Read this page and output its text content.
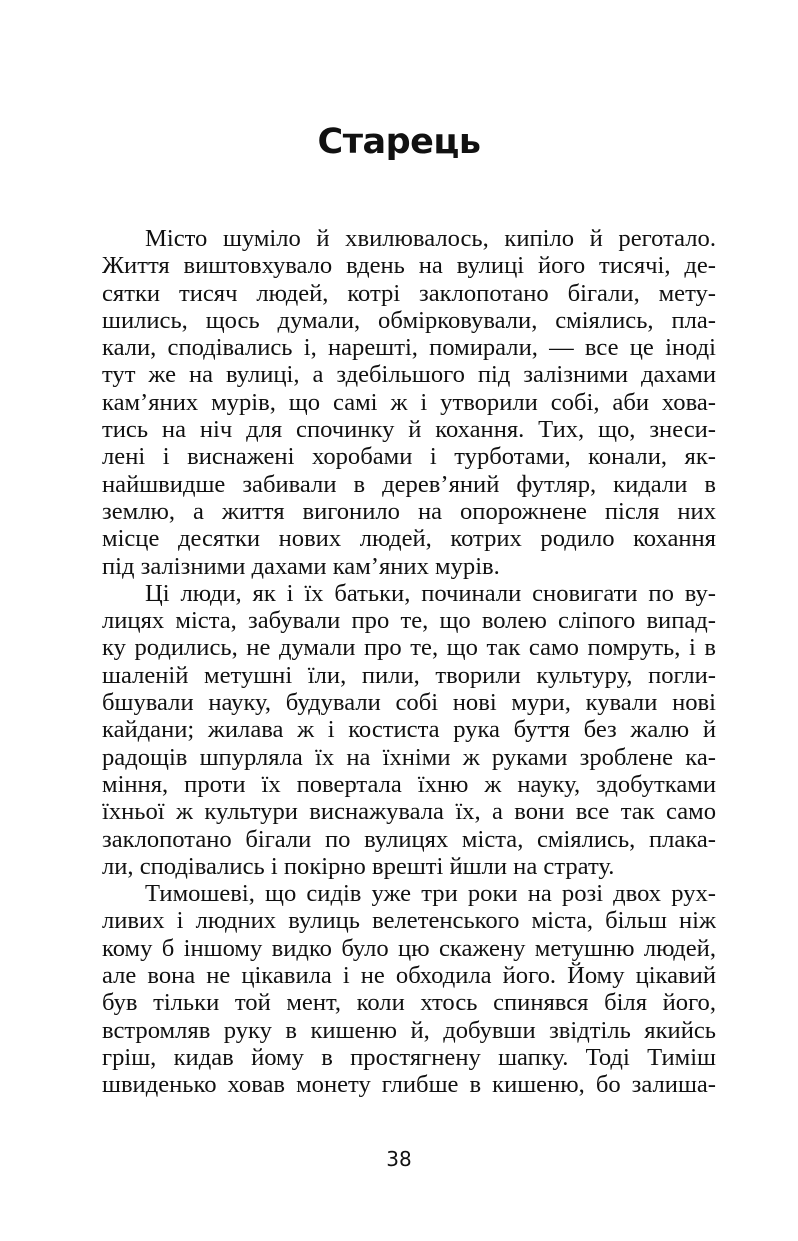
Старець

Місто шуміло й хвилювалось, кипіло й реготало.
Життя виштовхувало вдень на вулиці його тисячі, де-
сятки тисяч людей, котрі заклопотано бігали, мету-
шились, щось думали, обмірковували, сміялись, пла-
кали, сподівались і, нарешті, помирали, — все це іноді
тут же на вулиці, а здебільшого під залізними дахами
кам’яних мурів, що самі ж і утворили собі, аби хова-
тись на ніч для спочинку й кохання. Тих, що, знеси-
лені і виснажені хоробами і турботами, конали, як-
найшвидше забивали в дерев’яний футляр, кидали в
землю, а життя вигонило на опорожнене після них
місце десятки нових людей, котрих родило кохання
під залізними дахами кам’яних мурів.

Ці люди, як і їх батьки, починали сновигати по ву-
лицях міста, забували про те, що волею сліпого випад-
ку родились, не думали про те, що так само помруть, і в
шаленій метушні їли, пили, творили культуру, погли-
бшували науку, будували собі нові мури, кували нові
кайдани; жилава ж і костиста рука буття без жалю й
радощів шпурляла їх на їхніми ж руками зроблене ка-
міння, проти їх повертала їхню ж науку, здобутками
їхньої ж культури виснажувала їх, а вони все так само
заклопотано бігали по вулицях міста, сміялись, плака-
ли, сподівались і покірно врешті йшли на страту.

Тимошеві, що сидів уже три роки на розі двох рух-
ливих і людних вулиць велетенського міста, більш ніж
кому б іншому видко було цю скажену метушню людей,
але вона не цікавила і не обходила його. Йому цікавий
був тільки той мент, коли хтось спинявся біля його,
встромляв руку в кишеню й, добувши звідтіль якийсь
гріш, кидав йому в простягнену шапку. Тоді Тиміш
швиденько ховав монету глибше в кишеню, бо залиша-

38
